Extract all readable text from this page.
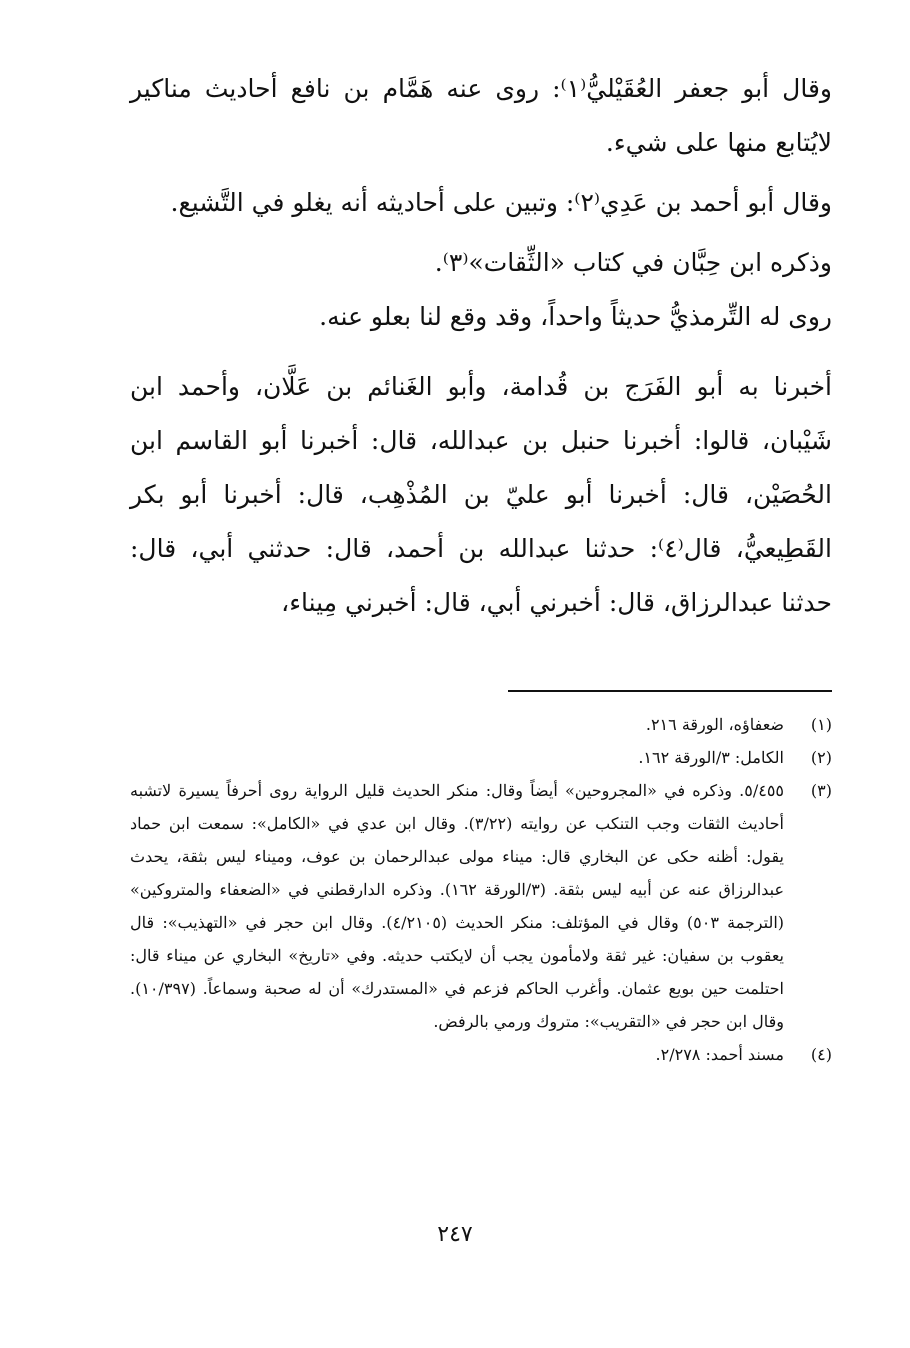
وقال أبو جعفر العُقَيْليُّ⁽١⁾: روى عنه هَمَّام بن نافع أحاديث مناكير لايُتابع منها على شيء.

وقال أبو أحمد بن عَدِي⁽٢⁾: وتبين على أحاديثه أنه يغلو في التَّشيع.

وذكره ابن حِبَّان في كتاب «الثِّقات»⁽٣⁾.

روى له التِّرمذيُّ حديثاً واحداً، وقد وقع لنا بعلو عنه.

أخبرنا به أبو الفَرَج بن قُدامة، وأبو الغَنائم بن عَلَّان، وأحمد ابن شَيْبان، قالوا: أخبرنا حنبل بن عبدالله، قال: أخبرنا أبو القاسم ابن الحُصَيْن، قال: أخبرنا أبو عليّ بن المُذْهِب، قال: أخبرنا أبو بكر القَطِيعيُّ، قال⁽٤⁾: حدثنا عبدالله بن أحمد، قال: حدثني أبي، قال: حدثنا عبدالرزاق، قال: أخبرني أبي، قال: أخبرني مِيناء،

(١)

ضعفاؤه، الورقة ٢١٦.

(٢)

الكامل: ٣/الورقة ١٦٢.

(٣)

٥/٤٥٥. وذكره في «المجروحين» أيضاً وقال: منكر الحديث قليل الرواية روى أحرفاً يسيرة لاتشبه أحاديث الثقات وجب التنكب عن روايته (٣/٢٢). وقال ابن عدي في «الكامل»: سمعت ابن حماد يقول: أظنه حكى عن البخاري قال: ميناء مولى عبدالرحمان بن عوف، وميناء ليس بثقة، يحدث عبدالرزاق عنه عن أبيه ليس بثقة. (٣/الورقة ١٦٢). وذكره الدارقطني في «الضعفاء والمتروكين» (الترجمة ٥٠٣) وقال في المؤتلف: منكر الحديث (٤/٢١٠٥). وقال ابن حجر في «التهذيب»: قال يعقوب بن سفيان: غير ثقة ولامأمون يجب أن لايكتب حديثه. وفي «تاريخ» البخاري عن ميناء قال: احتلمت حين بويع عثمان. وأغرب الحاكم فزعم في «المستدرك» أن له صحبة وسماعاً. (١٠/٣٩٧). وقال ابن حجر في «التقريب»: متروك ورمي بالرفض.

(٤)

مسند أحمد: ٢/٢٧٨.

٢٤٧
